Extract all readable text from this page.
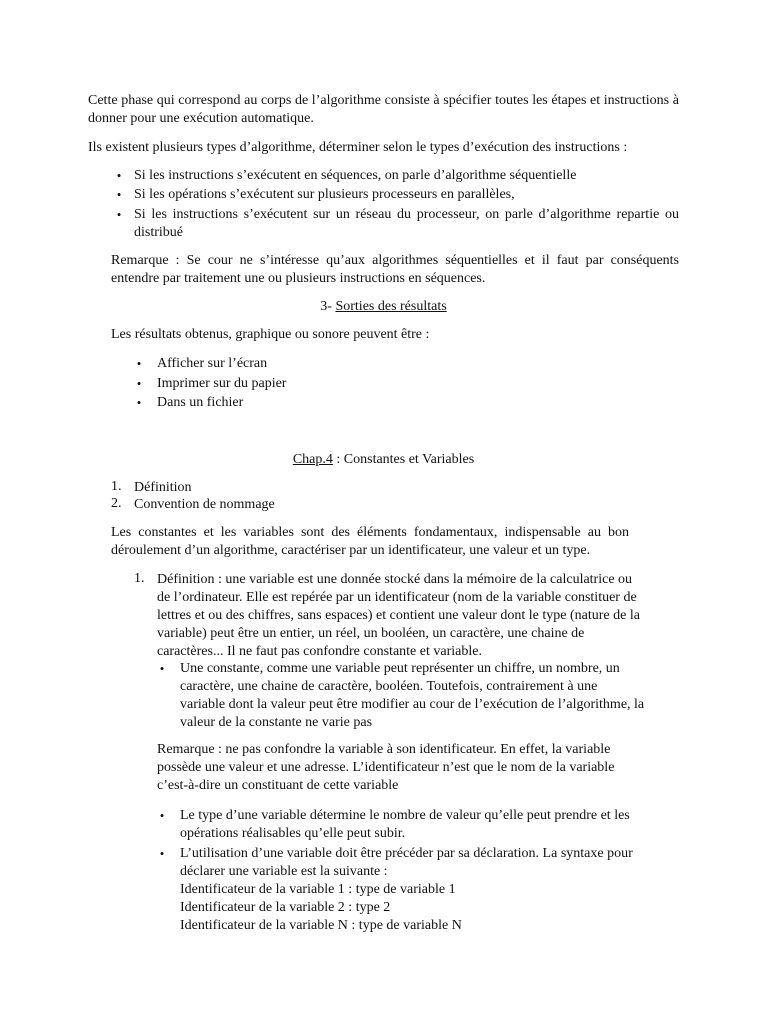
Cette phase qui correspond au corps de l’algorithme consiste à spécifier toutes les étapes et instructions à donner pour une exécution automatique.
Ils existent plusieurs types d’algorithme, déterminer selon le types d’exécution des instructions :
• Si les instructions s’exécutent en séquences, on parle d’algorithme séquentielle
• Si les opérations s’exécutent sur plusieurs processeurs en parallèles,
• Si les instructions s’exécutent sur un réseau du processeur, on parle d’algorithme repartie ou distribué
Remarque : Se cour ne s’intéresse qu’aux algorithmes séquentielles et il faut par conséquents entendre par traitement une ou plusieurs instructions en séquences.
3- Sorties des résultats
Les résultats obtenus, graphique ou sonore peuvent être :
• Afficher sur l’écran
• Imprimer sur du papier
• Dans un fichier
Chap.4 : Constantes et Variables
1. Définition
2. Convention de nommage
Les constantes et les variables sont des éléments fondamentaux, indispensable au bon déroulement d’un algorithme, caractériser par un identificateur, une valeur et un type.
1. Définition : une variable est une donnée stocké dans la mémoire de la calculatrice ou
de l’ordinateur. Elle est repérée par un identificateur (nom de la variable constituer de
lettres et ou des chiffres, sans espaces) et contient une valeur dont le type (nature de la
variable) peut être un entier, un réel, un booléen, un caractère, une chaine de
caractères... Il ne faut pas confondre constante et variable.
• Une constante, comme une variable peut représenter un chiffre, un nombre, un
caractère, une chaine de caractère, booléen. Toutefois, contrairement à une
variable dont la valeur peut être modifier au cour de l’exécution de l’algorithme, la
valeur de la constante ne varie pas
Remarque : ne pas confondre la variable à son identificateur. En effet, la variable
possède une valeur et une adresse. L’identificateur n’est que le nom de la variable
c’est-à-dire un constituant de cette variable
• Le type d’une variable détermine le nombre de valeur qu’elle peut prendre et les
opérations réalisables qu’elle peut subir.
• L’utilisation d’une variable doit être précéder par sa déclaration. La syntaxe pour
déclarer une variable est la suivante :
Identificateur de la variable 1 : type de variable 1
Identificateur de la variable 2 : type 2
Identificateur de la variable N : type de variable N
